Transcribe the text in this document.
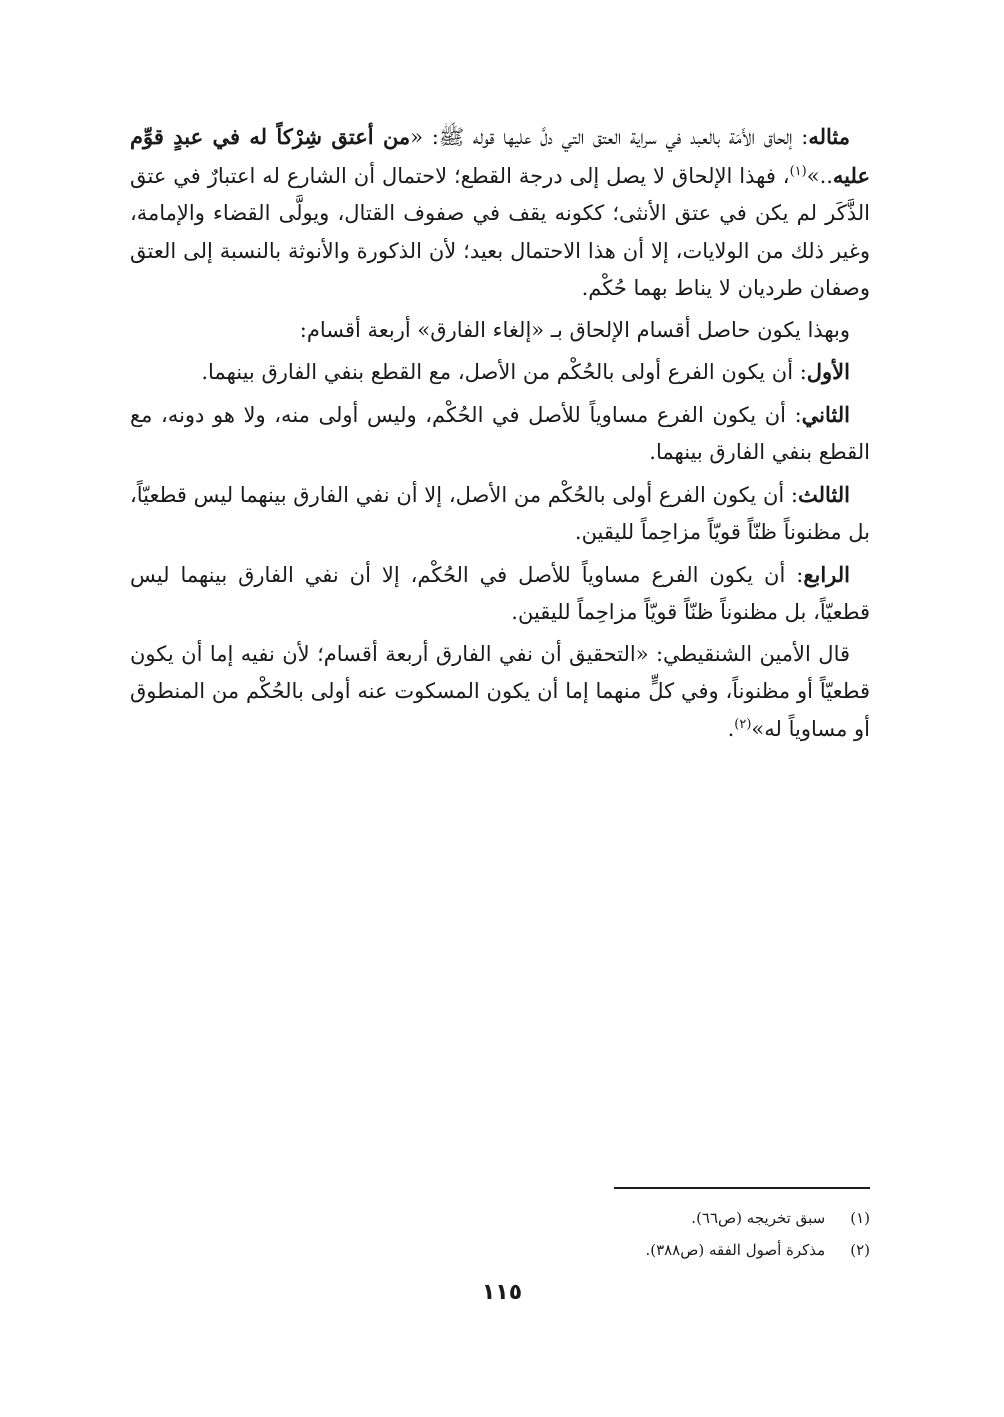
مثاله: إلحاق الأَمَة بالعبد في سراية العتق التي دلَّ عليها قوله ﷺ: «من أعتق شِرْكاً له في عبدٍ قوِّم عليه..»$^{(١)}$، فهذا الإلحاق لا يصل إلى درجة القطع؛ لاحتمال أن الشارع له اعتبارٌ في عتق الذَّكَر لم يكن في عتق الأنثى؛ ككونه يقف في صفوف القتال، ويولَّى القضاء والإمامة، وغير ذلك من الولايات، إلا أن هذا الاحتمال بعيد؛ لأن الذكورة والأنوثة بالنسبة إلى العتق وصفان طرديان لا يناط بهما حُكْم.

وبهذا يكون حاصل أقسام الإلحاق بـ «إلغاء الفارق» أربعة أقسام:

الأول: أن يكون الفرع أولى بالحُكْم من الأصل، مع القطع بنفي الفارق بينهما.

الثاني: أن يكون الفرع مساوياً للأصل في الحُكْم، وليس أولى منه، ولا هو دونه، مع القطع بنفي الفارق بينهما.

الثالث: أن يكون الفرع أولى بالحُكْم من الأصل، إلا أن نفي الفارق بينهما ليس قطعيّاً، بل مظنوناً ظنّاً قويّاً مزاحِماً لليقين.

الرابع: أن يكون الفرع مساوياً للأصل في الحُكْم، إلا أن نفي الفارق بينهما ليس قطعيّاً، بل مظنوناً ظنّاً قويّاً مزاحِماً لليقين.

قال الأمين الشنقيطي: «التحقيق أن نفي الفارق أربعة أقسام؛ لأن نفيه إما أن يكون قطعيّاً أو مظنوناً، وفي كلٍّ منهما إما أن يكون المسكوت عنه أولى بالحُكْم من المنطوق أو مساوياً له»$^{(٢)}$.

(١) سبق تخريجه (ص٦٦).
(٢) مذكرة أصول الفقه (ص٣٨٨).
١١٥
